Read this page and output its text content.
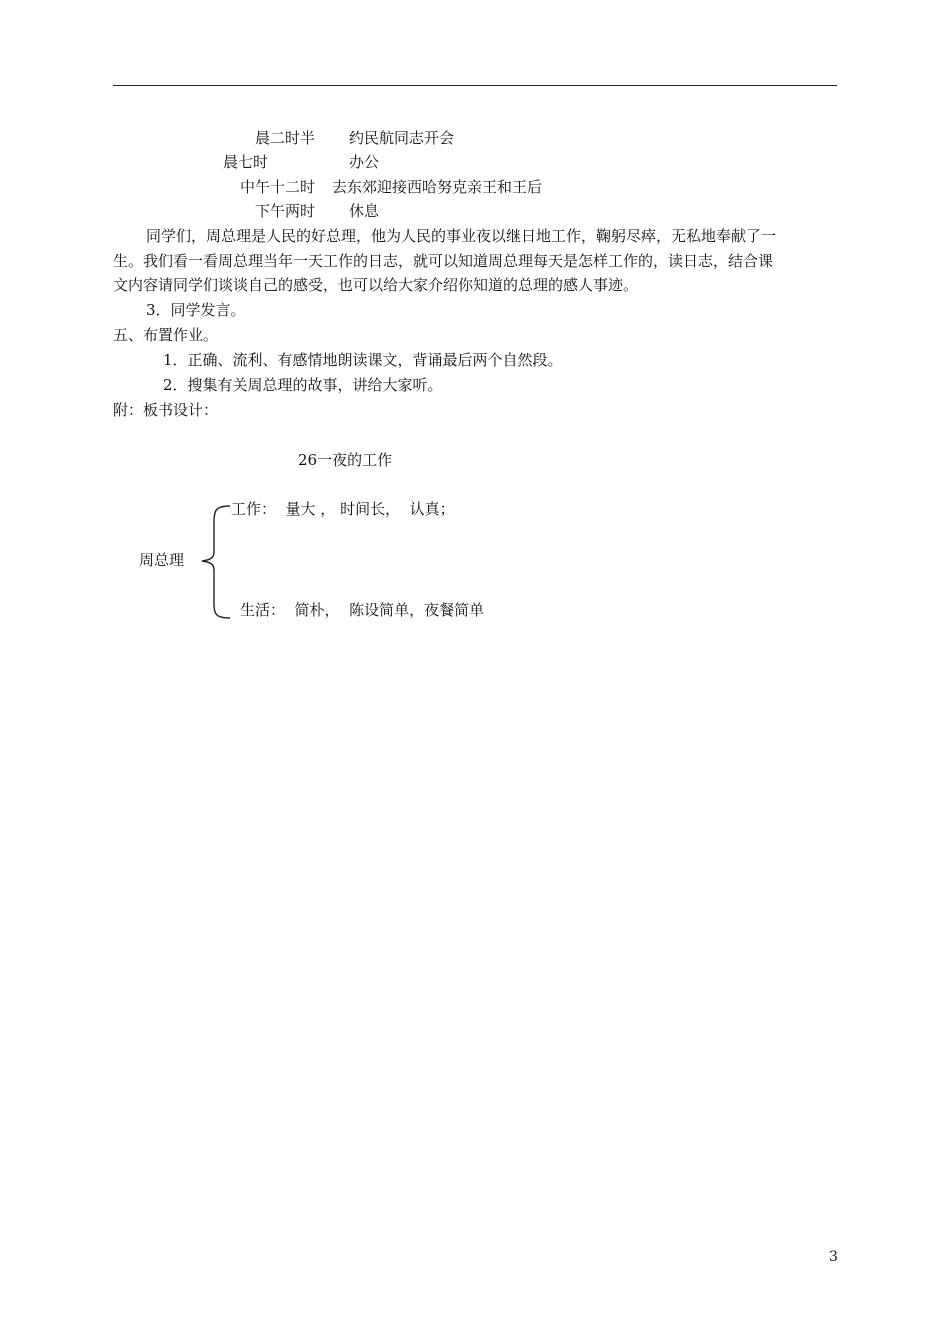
晨二时半 约民航同志开会
晨七时	办公
中午十二时 去东郊迎接西哈努克亲王和王后
下午两时 休息
同学们，周总理是人民的好总理，他为人民的事业夜以继日地工作，鞠躬尽瘁，无私地奉献了一
生。我们看一看周总理当年一天工作的日志，就可以知道周总理每天是怎样工作的，读日志，结合课
文内容请同学们谈谈自己的感受，也可以给大家介绍你知道的总理的感人事迹。
3．同学发言。
五、布置作业。
1．正确、流利、有感情地朗读课文，背诵最后两个自然段。
2．搜集有关周总理的故事，讲给大家听。
附：板书设计：
26一夜的工作
工作：  量大 ， 时间长，  认真；
周总理
生活：  简朴，  陈设简单，夜餐简单
3
